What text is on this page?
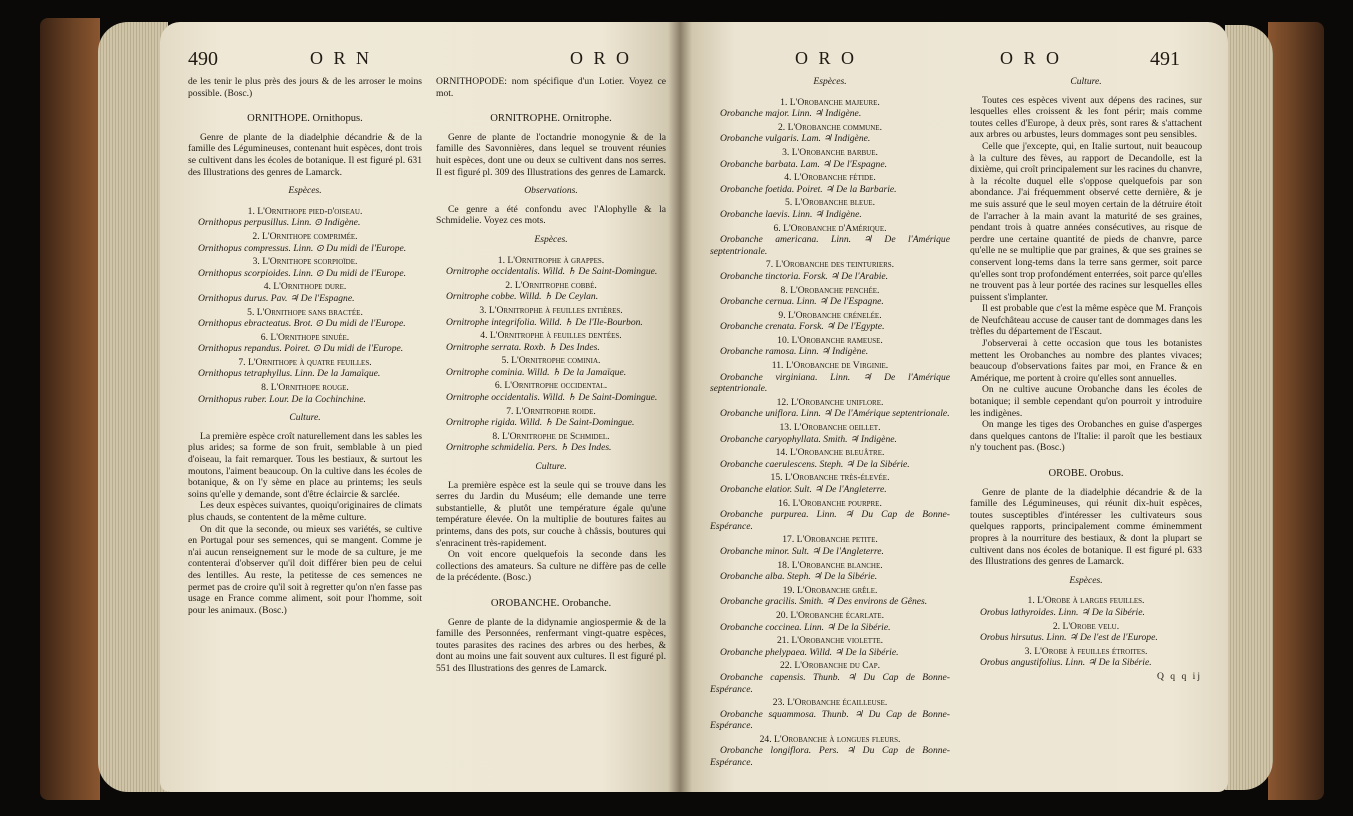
490	O R N	O R O
de les tenir le plus près des jours & de les arroser le moins possible. (Bosc.)
ORNITHOPE. Ornithopus.
Genre de plante de la diadelphie décandrie & de la famille des Légumineuses, contenant huit espèces, dont trois se cultivent dans les écoles de botanique. Il est figuré pl. 631 des Illustrations des genres de Lamarck.
Espèces.
1. L'Ornithope pied-d'oiseau.
Ornithopus perpusillus. Linn. ⊙ Indigène.
2. L'Ornithope comprimée.
Ornithopus compressus. Linn. ⊙ Du midi de l'Europe.
3. L'Ornithope scorpioïde.
Ornithopus scorpioides. Linn. ⊙ Du midi de l'Europe.
4. L'Ornithope dure.
Ornithopus durus. Pav. ♃ De l'Espagne.
5. L'Ornithope sans bractée.
Ornithopus ebracteatus. Brot. ⊙ Du midi de l'Europe.
6. L'Ornithope sinuée.
Ornithopus repandus. Poiret. ⊙ Du midi de l'Europe.
7. L'Ornithope à quatre feuilles.
Ornithopus tetraphyllus. Linn. De la Jamaïque.
8. L'Ornithope rouge.
Ornithopus ruber. Lour. De la Cochinchine.
Culture.
La première espèce croît naturellement dans les sables les plus arides; sa forme de son fruit, semblable à un pied d'oiseau, la fait remarquer. Tous les bestiaux, & surtout les moutons, l'aiment beaucoup. On la cultive dans les écoles de botanique, & on l'y sème en place au printems; les seuls soins qu'elle y demande, sont d'être éclaircie & sarclée.
Les deux espèces suivantes, quoiqu'originaires de climats plus chauds, se contentent de la même culture.
On dit que la seconde, ou mieux ses variétés, se cultive en Portugal pour ses semences, qui se mangent. Comme je n'ai aucun renseignement sur le mode de sa culture, je me contenterai d'observer qu'il doit différer bien peu de celui des lentilles. Au reste, la petitesse de ces semences ne permet pas de croire qu'il soit à regretter qu'on n'en fasse pas usage en France comme aliment, soit pour l'homme, soit pour les animaux. (Bosc.)
ORNITHOPODE: nom spécifique d'un Lotier. Voyez ce mot.
ORNITROPHE. Ornitrophe.
Genre de plante de l'octandrie monogynie & de la famille des Savonnières, dans lequel se trouvent réunies huit espèces, dont une ou deux se cultivent dans nos serres. Il est figuré pl. 309 des Illustrations des genres de Lamarck.
Observations.
Ce genre a été confondu avec l'Alophylle & la Schmidelie. Voyez ces mots.
Espèces.
1. L'Ornitrophe à grappes.
Ornitrophe occidentalis. Willd. ♄ De Saint-Domingue.
2. L'Ornitrophe cobbé.
Ornitrophe cobbe. Willd. ♄ De Ceylan.
3. L'Ornitrophe à feuilles entières.
Ornitrophe integrifolia. Willd. ♄ De l'Ile-Bourbon.
4. L'Ornitrophe à feuilles dentées.
Ornitrophe serrata. Roxb. ♄ Des Indes.
5. L'Ornitrophe cominia.
Ornitrophe cominia. Willd. ♄ De la Jamaïque.
6. L'Ornitrophe occidental.
Ornitrophe occidentalis. Willd. ♄ De Saint-Domingue.
7. L'Ornitrophe roide.
Ornitrophe rigida. Willd. ♄ De Saint-Domingue.
8. L'Ornitrophe de Schmidel.
Ornitrophe schmidelia. Pers. ♄ Des Indes.
Culture.
La première espèce est la seule qui se trouve dans les serres du Jardin du Muséum; elle demande une terre substantielle, & plutôt une température égale qu'une température élevée. On la multiplie de boutures faites au printems, dans des pots, sur couche à châssis, boutures qui s'enracinent très-rapidement.
On voit encore quelquefois la seconde dans les collections des amateurs. Sa culture ne diffère pas de celle de la précédente. (Bosc.)
OROBANCHE. Orobanche.
Genre de plante de la didynamie angiospermie & de la famille des Personnées, renfermant vingt-quatre espèces, toutes parasites des racines des arbres ou des herbes, & dont au moins une fait souvent aux cultures. Il est figuré pl. 551 des Illustrations des genres de Lamarck.
O R O	O R O	491
Espèces.
1. L'Orobanche majeure.
Orobanche major. Linn. ♃ Indigène.
2. L'Orobanche commune.
Orobanche vulgaris. Lam. ♃ Indigène.
3. L'Orobanche barbue.
Orobanche barbata. Lam. ♃ De l'Espagne.
4. L'Orobanche fétide.
Orobanche foetida. Poiret. ♃ De la Barbarie.
5. L'Orobanche bleue.
Orobanche laevis. Linn. ♃ Indigène.
6. L'Orobanche d'Amérique.
Orobanche americana. Linn. ♃ De l'Amérique septentrionale.
7. L'Orobanche des teinturiers.
Orobanche tinctoria. Forsk. ♃ De l'Arabie.
8. L'Orobanche penchée.
Orobanche cernua. Linn. ♃ De l'Espagne.
9. L'Orobanche crénelée.
Orobanche crenata. Forsk. ♃ De l'Egypte.
10. L'Orobanche rameuse.
Orobanche ramosa. Linn. ♃ Indigène.
11. L'Orobanche de Virginie.
Orobanche virginiana. Linn. ♃ De l'Amérique septentrionale.
12. L'Orobanche uniflore.
Orobanche uniflora. Linn. ♃ De l'Amérique septentrionale.
13. L'Orobanche oeillet.
Orobanche caryophyllata. Smith. ♃ Indigène.
14. L'Orobanche bleuâtre.
Orobanche caerulescens. Steph. ♃ De la Sibérie.
15. L'Orobanche très-élevée.
Orobanche elatior. Sult. ♃ De l'Angleterre.
16. L'Orobanche pourpre.
Orobanche purpurea. Linn. ♃ Du Cap de Bonne-Espérance.
17. L'Orobanche petite.
Orobanche minor. Sult. ♃ De l'Angleterre.
18. L'Orobanche blanche.
Orobanche alba. Steph. ♃ De la Sibérie.
19. L'Orobanche grêle.
Orobanche gracilis. Smith. ♃ Des environs de Gênes.
20. L'Orobanche écarlate.
Orobanche coccinea. Linn. ♃ De la Sibérie.
21. L'Orobanche violette.
Orobanche phelypaea. Willd. ♃ De la Sibérie.
22. L'Orobanche du Cap.
Orobanche capensis. Thunb. ♃ Du Cap de Bonne-Espérance.
23. L'Orobanche écailleuse.
Orobanche squammosa. Thunb. ♃ Du Cap de Bonne-Espérance.
24. L'Orobanche à longues fleurs.
Orobanche longiflora. Pers. ♃ Du Cap de Bonne-Espérance.
Culture.
Toutes ces espèces vivent aux dépens des racines, sur lesquelles elles croissent & les font périr; mais comme toutes celles d'Europe, à deux près, sont rares & s'attachent aux arbres ou arbustes, leurs dommages sont peu sensibles.
Celle que j'excepte, qui, en Italie surtout, nuit beaucoup à la culture des fèves, au rapport de Decandolle, est la dixième, qui croît principalement sur les racines du chanvre, à la récolte duquel elle s'oppose quelquefois par son abondance. J'ai fréquemment observé cette dernière, & je me suis assuré que le seul moyen certain de la détruire étoit de l'arracher à la main avant la maturité de ses graines, pendant trois à quatre années consécutives, au risque de perdre une certaine quantité de pieds de chanvre, parce qu'elle ne se multiplie que par graines, & que ses graines se conservent long-tems dans la terre sans germer, soit parce qu'elles sont trop profondément enterrées, soit parce qu'elles ne trouvent pas à leur portée des racines sur lesquelles elles puissent s'implanter.
Il est probable que c'est la même espèce que M. François de Neufchâteau accuse de causer tant de dommages dans les trèfles du département de l'Escaut.
J'observerai à cette occasion que tous les botanistes mettent les Orobanches au nombre des plantes vivaces; beaucoup d'observations faites par moi, en France & en Amérique, me portent à croire qu'elles sont annuelles.
On ne cultive aucune Orobanche dans les écoles de botanique; il semble cependant qu'on pourroit y introduire les indigènes.
On mange les tiges des Orobanches en guise d'asperges dans quelques cantons de l'Italie: il paroît que les bestiaux n'y touchent pas. (Bosc.)
OROBE. Orobus.
Genre de plante de la diadelphie décandrie & de la famille des Légumineuses, qui réunit dix-huit espèces, toutes susceptibles d'intéresser les cultivateurs sous quelques rapports, principalement comme éminemment propres à la nourriture des bestiaux, & dont la plupart se cultivent dans nos écoles de botanique. Il est figuré pl. 633 des Illustrations des genres de Lamarck.
Espèces.
1. L'Orobe à larges feuilles.
Orobus lathyroides. Linn. ♃ De la Sibérie.
2. L'Orobe velu.
Orobus hirsutus. Linn. ♃ De l'est de l'Europe.
3. L'Orobe à feuilles étroites.
Orobus angustifolius. Linn. ♃ De la Sibérie.
Q q q ij
